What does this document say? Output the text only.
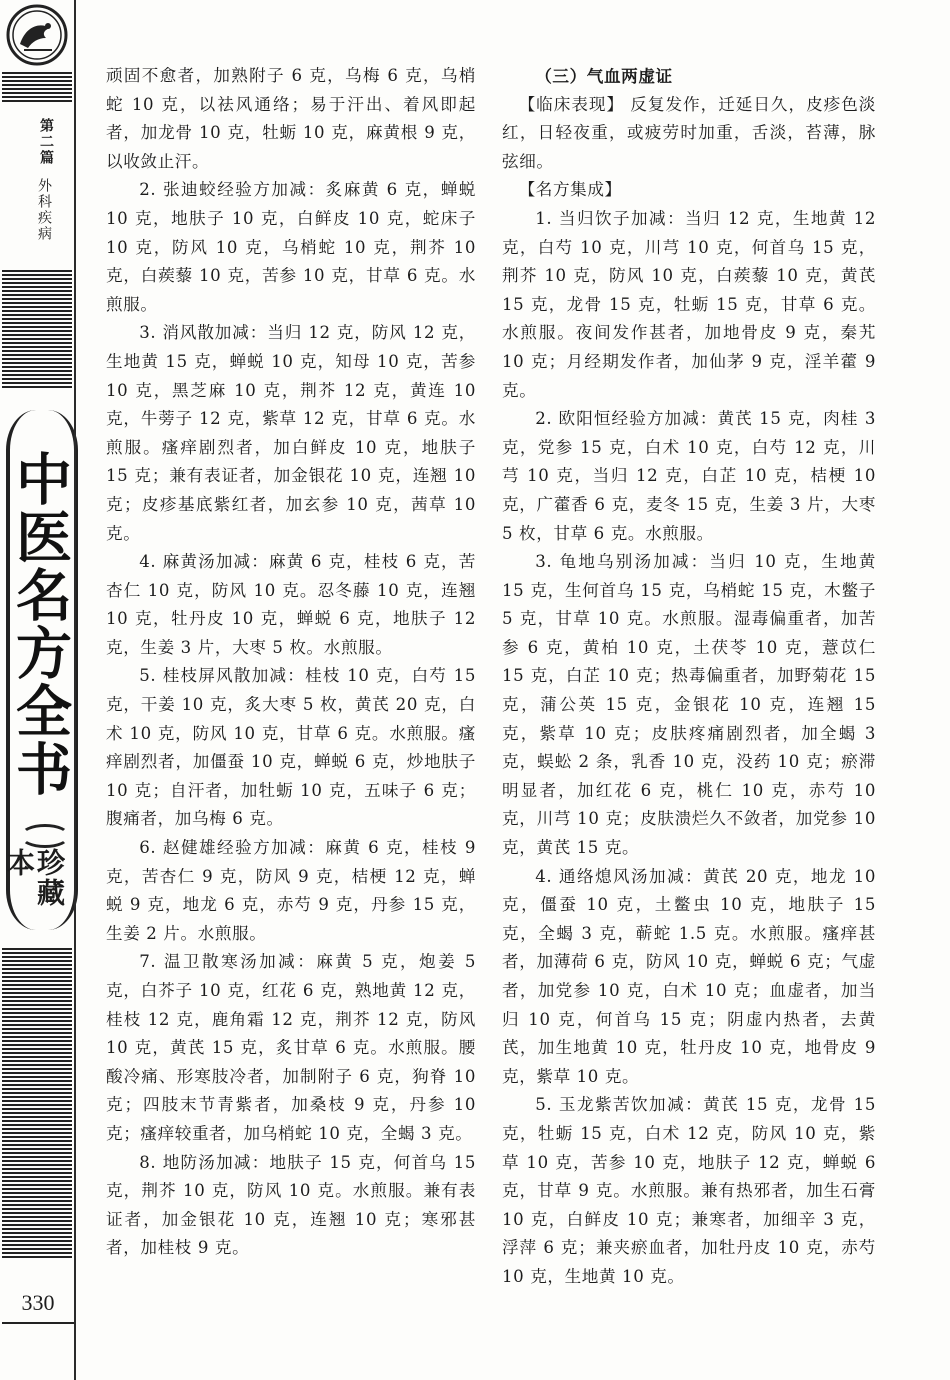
第二篇
外科疾病
中医名方全书
珍藏本
330

顽固不愈者，加熟附子 6 克，乌梅 6 克，乌梢蛇 10 克，以祛风通络；易于汗出、着风即起者，加龙骨 10 克，牡蛎 10 克，麻黄根 9 克，以收敛止汗。

2. 张迪蛟经验方加减：炙麻黄 6 克，蝉蜕 10 克，地肤子 10 克，白鲜皮 10 克，蛇床子 10 克，防风 10 克，乌梢蛇 10 克，荆芥 10 克，白蒺藜 10 克，苦参 10 克，甘草 6 克。水煎服。

3. 消风散加减：当归 12 克，防风 12 克，生地黄 15 克，蝉蜕 10 克，知母 10 克，苦参 10 克，黑芝麻 10 克，荆芥 12 克，黄连 10 克，牛蒡子 12 克，紫草 12 克，甘草 6 克。水煎服。瘙痒剧烈者，加白鲜皮 10 克，地肤子 15 克；兼有表证者，加金银花 10 克，连翘 10 克；皮疹基底紫红者，加玄参 10 克，茜草 10 克。

4. 麻黄汤加减：麻黄 6 克，桂枝 6 克，苦杏仁 10 克，防风 10 克。忍冬藤 10 克，连翘 10 克，牡丹皮 10 克，蝉蜕 6 克，地肤子 12 克，生姜 3 片，大枣 5 枚。水煎服。

5. 桂枝屏风散加减：桂枝 10 克，白芍 15 克，干姜 10 克，炙大枣 5 枚，黄芪 20 克，白术 10 克，防风 10 克，甘草 6 克。水煎服。瘙痒剧烈者，加僵蚕 10 克，蝉蜕 6 克，炒地肤子 10 克；自汗者，加牡蛎 10 克，五味子 6 克；腹痛者，加乌梅 6 克。

6. 赵健雄经验方加减：麻黄 6 克，桂枝 9 克，苦杏仁 9 克，防风 9 克，桔梗 12 克，蝉蜕 9 克，地龙 6 克，赤芍 9 克，丹参 15 克，生姜 2 片。水煎服。

7. 温卫散寒汤加减：麻黄 5 克，炮姜 5 克，白芥子 10 克，红花 6 克，熟地黄 12 克，桂枝 12 克，鹿角霜 12 克，荆芥 12 克，防风 10 克，黄芪 15 克，炙甘草 6 克。水煎服。腰酸冷痛、形寒肢冷者，加制附子 6 克，狗脊 10 克；四肢末节青紫者，加桑枝 9 克，丹参 10 克；瘙痒较重者，加乌梢蛇 10 克，全蝎 3 克。

8. 地防汤加减：地肤子 15 克，何首乌 15 克，荆芥 10 克，防风 10 克。水煎服。兼有表证者，加金银花 10 克，连翘 10 克；寒邪甚者，加桂枝 9 克。

（三）气血两虚证

【临床表现】 反复发作，迁延日久，皮疹色淡红，日轻夜重，或疲劳时加重，舌淡，苔薄，脉弦细。

【名方集成】

1. 当归饮子加减：当归 12 克，生地黄 12 克，白芍 10 克，川芎 10 克，何首乌 15 克，荆芥 10 克，防风 10 克，白蒺藜 10 克，黄芪 15 克，龙骨 15 克，牡蛎 15 克，甘草 6 克。水煎服。夜间发作甚者，加地骨皮 9 克，秦艽 10 克；月经期发作者，加仙茅 9 克，淫羊藿 9 克。

2. 欧阳恒经验方加减：黄芪 15 克，肉桂 3 克，党参 15 克，白术 10 克，白芍 12 克，川芎 10 克，当归 12 克，白芷 10 克，桔梗 10 克，广藿香 6 克，麦冬 15 克，生姜 3 片，大枣 5 枚，甘草 6 克。水煎服。

3. 龟地乌别汤加减：当归 10 克，生地黄 15 克，生何首乌 15 克，乌梢蛇 15 克，木鳖子 5 克，甘草 10 克。水煎服。湿毒偏重者，加苦参 6 克，黄柏 10 克，土茯苓 10 克，薏苡仁 15 克，白芷 10 克；热毒偏重者，加野菊花 15 克，蒲公英 15 克，金银花 10 克，连翘 15 克，紫草 10 克；皮肤疼痛剧烈者，加全蝎 3 克，蜈蚣 2 条，乳香 10 克，没药 10 克；瘀滞明显者，加红花 6 克，桃仁 10 克，赤芍 10 克，川芎 10 克；皮肤溃烂久不敛者，加党参 10 克，黄芪 15 克。

4. 通络熄风汤加减：黄芪 20 克，地龙 10 克，僵蚕 10 克，土鳖虫 10 克，地肤子 15 克，全蝎 3 克，蕲蛇 1.5 克。水煎服。瘙痒甚者，加薄荷 6 克，防风 10 克，蝉蜕 6 克；气虚者，加党参 10 克，白术 10 克；血虚者，加当归 10 克，何首乌 15 克；阴虚内热者，去黄芪，加生地黄 10 克，牡丹皮 10 克，地骨皮 9 克，紫草 10 克。

5. 玉龙紫苦饮加减：黄芪 15 克，龙骨 15 克，牡蛎 15 克，白术 12 克，防风 10 克，紫草 10 克，苦参 10 克，地肤子 12 克，蝉蜕 6 克，甘草 9 克。水煎服。兼有热邪者，加生石膏 10 克，白鲜皮 10 克；兼寒者，加细辛 3 克，浮萍 6 克；兼夹瘀血者，加牡丹皮 10 克，赤芍 10 克，生地黄 10 克。
